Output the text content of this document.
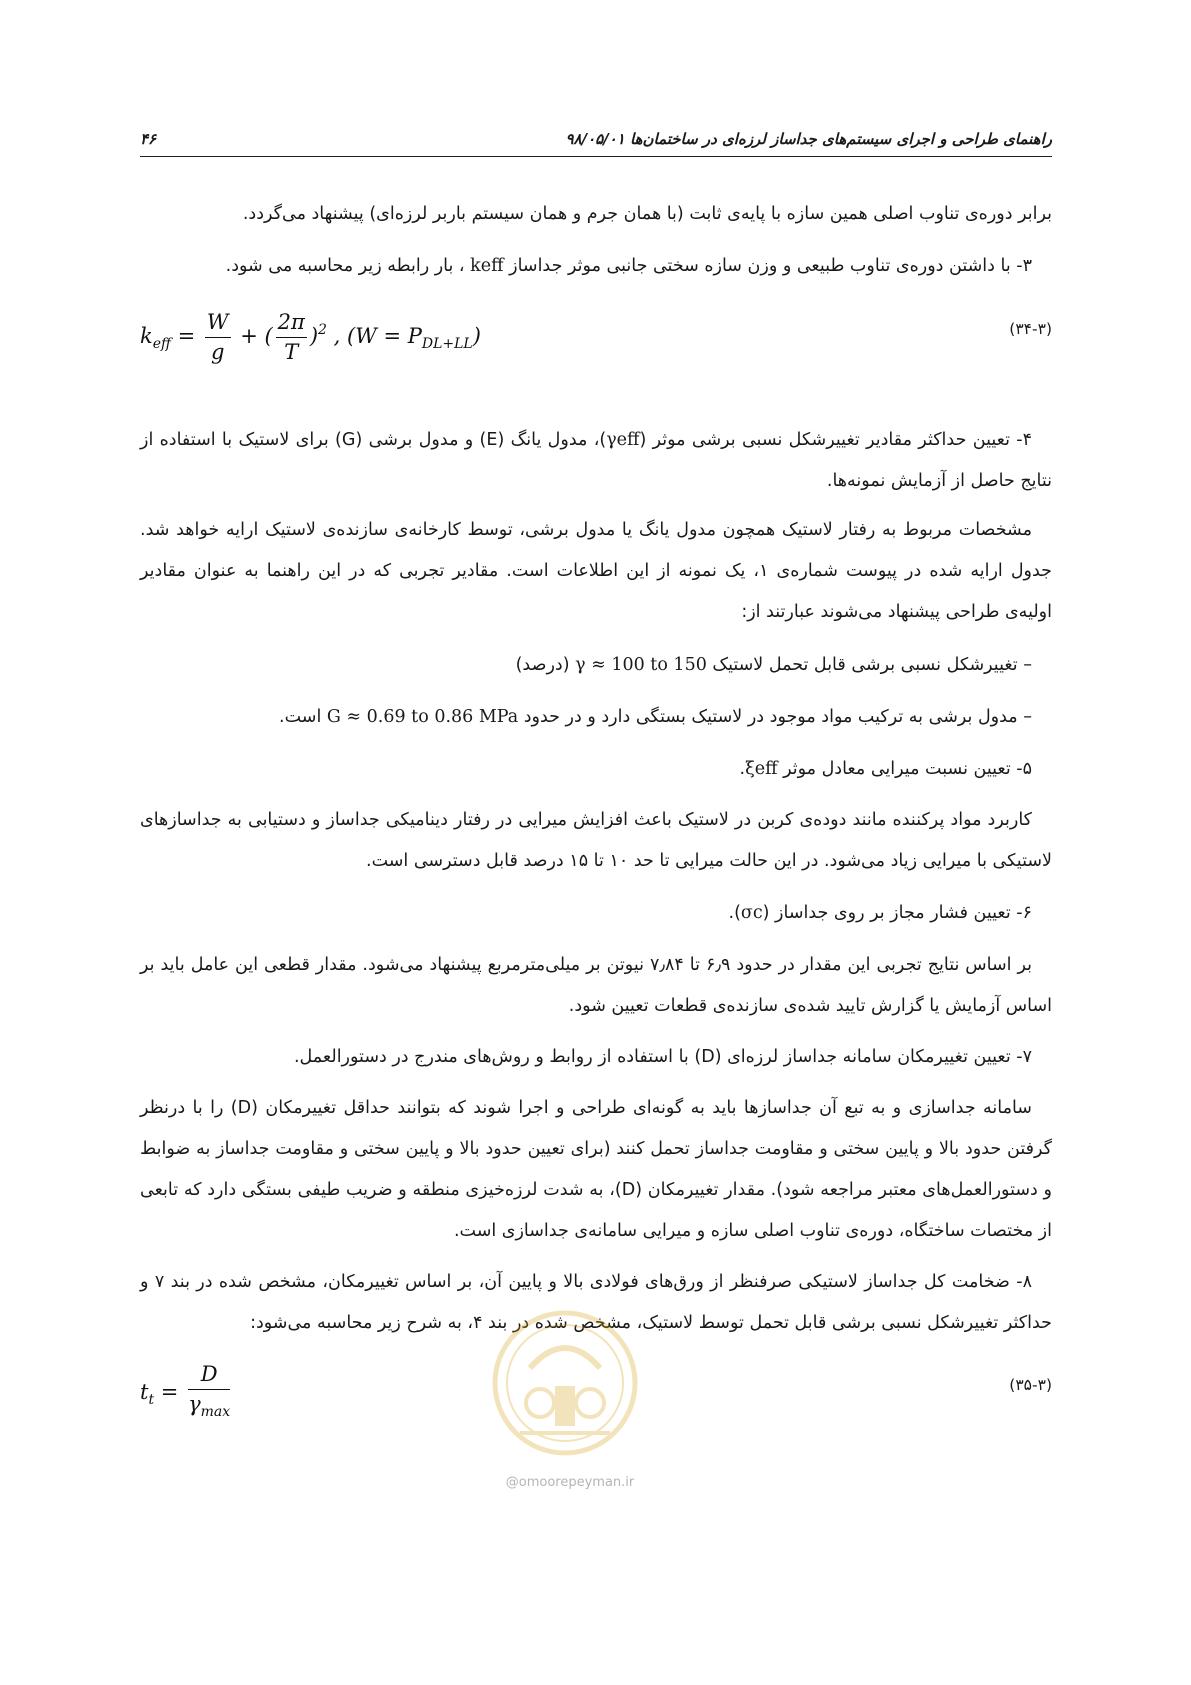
راهنمای طراحی و اجرای سیستم‌های جداساز لرزه‌ای در ساختمان‌ها ۹۸/۰۵/۰۱
۴۶

برابر دوره‌ی تناوب اصلی همین سازه با پایه‌ی ثابت (با همان جرم و همان سیستم باربر لرزه‌ای) پیشنهاد می‌گردد.

۳- با داشتن دوره‌ی تناوب طبیعی و وزن سازه سختی جانبی موثر جداساز keff ، بار رابطه زیر محاسبه می شود.

$k_{eff} = \frac{W}{g}$ + ( $\frac{2\pi}{T} )^2$ , $(W = P_{DL+LL})$	(۳۴-۳)

۴- تعیین حداکثر مقادیر تغییرشکل نسبی برشی موثر (γeff)، مدول یانگ (E) و مدول برشی (G) برای لاستیک با استفاده از نتایج حاصل از آزمایش نمونه‌ها.

مشخصات مربوط به رفتار لاستیک همچون مدول یانگ یا مدول برشی، توسط کارخانه‌ی سازنده‌ی لاستیک ارایه خواهد شد. جدول ارایه شده در پیوست شماره‌ی ۱، یک نمونه از این اطلاعات است. مقادیر تجربی که در این راهنما به عنوان مقادیر اولیه‌ی طراحی پیشنهاد می‌شوند عبارتند از:

– تغییرشکل نسبی برشی قابل تحمل لاستیک γ ≈ 100 to 150 (درصد)

– مدول برشی به ترکیب مواد موجود در لاستیک بستگی دارد و در حدود G ≈ 0.69 to 0.86 MPa است.

۵- تعیین نسبت میرایی معادل موثر ξeff.

کاربرد مواد پرکننده مانند دوده‌ی کربن در لاستیک باعث افزایش میرایی در رفتار دینامیکی جداساز و دستیابی به جداسازهای لاستیکی با میرایی زیاد می‌شود. در این حالت میرایی تا حد ۱۰ تا ۱۵ درصد قابل دسترسی است.

۶- تعیین فشار مجاز بر روی جداساز (σc).

بر اساس نتایج تجربی این مقدار در حدود ۶٫۹ تا ۷٫۸۴ نیوتن بر میلی‌مترمربع پیشنهاد می‌شود. مقدار قطعی این عامل باید بر اساس آزمایش یا گزارش تایید شده‌ی سازنده‌ی قطعات تعیین شود.

۷- تعیین تغییرمکان سامانه جداساز لرزه‌ای (D) با استفاده از روابط و روش‌های مندرج در دستورالعمل.

سامانه جداسازی و به تبع آن جداسازها باید به گونه‌ای طراحی و اجرا شوند که بتوانند حداقل تغییرمکان (D) را با درنظر گرفتن حدود بالا و پایین سختی و مقاومت جداساز تحمل کنند (برای تعیین حدود بالا و پایین سختی و مقاومت جداساز به ضوابط و دستورالعمل‌های معتبر مراجعه شود). مقدار تغییرمکان (D)، به شدت لرزه‌خیزی منطقه و ضریب طیفی بستگی دارد که تابعی از مختصات ساختگاه، دوره‌ی تناوب اصلی سازه و میرایی سامانه‌ی جداسازی است.

۸- ضخامت کل جداساز لاستیکی صرفنظر از ورق‌های فولادی بالا و پایین آن، بر اساس تغییرمکان، مشخص شده در بند ۷ و حداکثر تغییرشکل نسبی برشی قابل تحمل توسط لاستیک، مشخص شده در بند ۴، به شرح زیر محاسبه می‌شود:

$t_t = \frac{D}{\gamma_{max}}$	(۳۵-۳)
@omoorepeyman.ir
